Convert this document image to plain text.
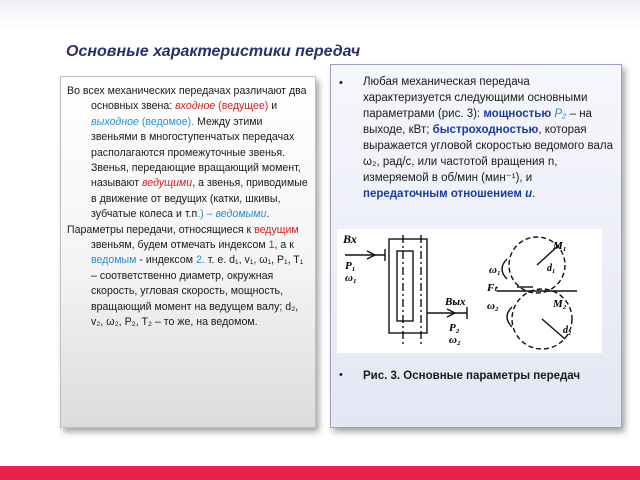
Основные характеристики передач

Во всех механических передачах различают два основных звена: входное (ведущее) и выходное (ведомое). Между этими звеньями в многоступенчатых передачах располагаются промежуточные звенья. Звенья, передающие вращающий момент, называют ведущими, а звенья, приводимые в движение от ведущих (катки, шкивы, зубчатые колеса и т.п.) – ведомыми.

Параметры передачи, относящиеся к ведущим звеньям, будем отмечать индексом 1, а к ведомым - индексом 2. т. е. d₁, v₁, ω₁, P₁, T₁ – соответственно диаметр, окружная скорость, угловая скорость, мощность, вращающий момент на ведущем валу; d₂, v₂, ω₂, P₂, T₂ – то же, на ведомом.

• Любая механическая передача характеризуется следующими основными параметрами (рис. 3): мощностью P₂ – на выходе, кВт; быстроходностью, которая выражается угловой скоростью ведомого вала ω₂, рад/с, или частотой вращения n, измеряемой в об/мин (мин⁻¹), и передаточным отношением u.
• Рис. 3. Основные параметры передач
Вх
P₁
ω₁
Вых
P₂
ω₂
M₁
ω₁
Fₜ
ω₂	M₂
d₁
d₂
